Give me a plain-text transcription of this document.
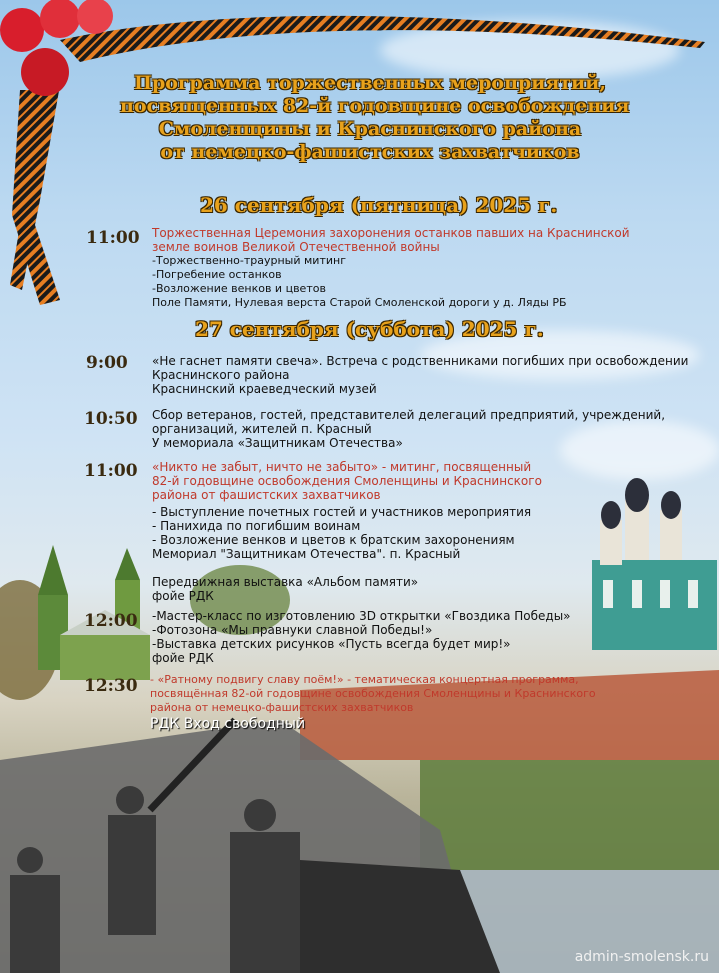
Программа торжественных мероприятий,
посвященных 82-й годовщине освобождения
Смоленщины и Краснинского района
от немецко-фашистских захватчиков
26 сентября (пятница) 2025 г.
11:00 Торжественная Церемония захоронения останков павших на Краснинской
земле воинов Великой Отечественной войны
-Торжественно-траурный митинг
-Погребение останков
-Возложение венков и цветов
Поле Памяти, Нулевая верста Старой Смоленской дороги у д. Ляды РБ
27 сентября (суббота) 2025 г.
9:00 «Не гаснет памяти свеча». Встреча с родственниками погибших при освобождении
Краснинского района
Краснинский краеведческий музей
10:50 Сбор ветеранов, гостей, представителей делегаций предприятий, учреждений,
организаций, жителей п. Красный
У мемориала «Защитникам Отечества»
11:00 «Никто не забыт, ничто не забыто» - митинг, посвященный
82-й годовщине освобождения Смоленщины и Краснинского
района от фашистских захватчиков
- Выступление почетных гостей и участников мероприятия
- Панихида по погибшим воинам
- Возложение венков и цветов к братским захоронениям
Мемориал "Защитникам Отечества". п. Красный
Передвижная выставка «Альбом памяти»
фойе РДК
12:00 -Мастер-класс по изготовлению 3D открытки «Гвоздика Победы»
-Фотозона «Мы правнуки славной Победы!»
-Выставка детских рисунков «Пусть всегда будет мир!»
фойе РДК
12:30 - «Ратному подвигу славу поём!» - тематическая концертная программа,
посвящённая 82-ой годовщине освобождения Смоленщины и Краснинского
района от немецко-фашистских захватчиков
РДК Вход свободный
admin-smolensk.ru
